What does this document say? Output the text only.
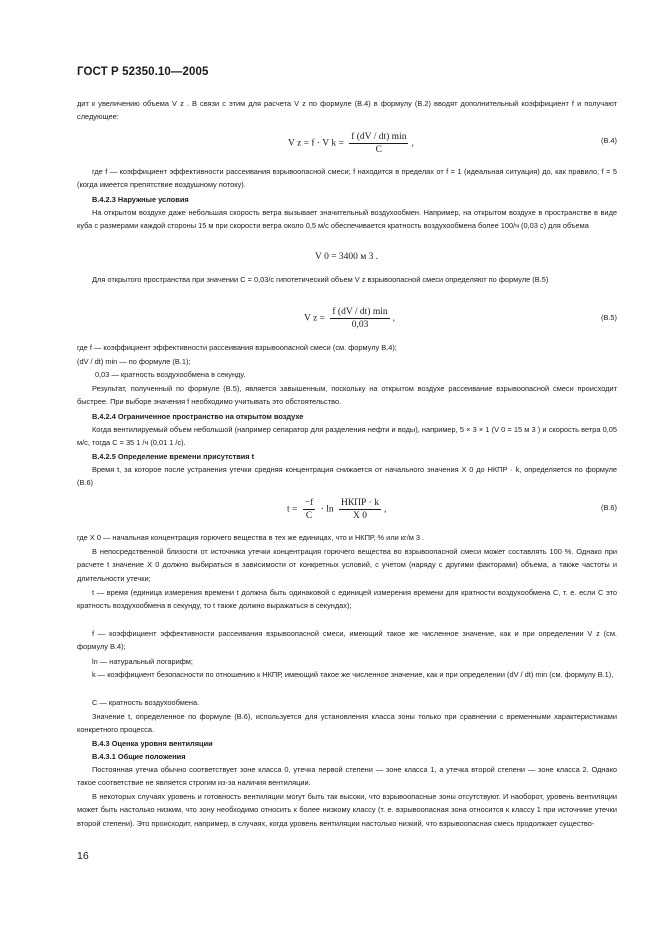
ГОСТ Р 52350.10—2005
дит к увеличению объема V z . В связи с этим для расчета V z по формуле (В.4) в формулу (В.2) вводят дополнительный коэффициент f и получают следующее:
V z = f · V $k = \frac{f (dV / dt) \min}{C}$ ,	(В.4)
где f — коэффициент эффективности рассеивания взрывоопасной смеси; f находится в пределах от f = 1 (идеальная ситуация) до, как правило, f = 5 (когда имеется препятствие воздушному потоку).
В.4.2.3 Наружные условия
На открытом воздухе даже небольшая скорость ветра вызывает значительный воздухообмен. Например, на открытом воздухе в пространстве в виде куба с размерами каждой стороны 15 м при скорости ветра около 0,5 м/с обеспечивается кратность воздухообмена более 100/ч (0,03 с) для объема
V 0 = 3400 м 3 .
Для открытого пространства при значении C = 0,03/с гипотетический объем V z взрывоопасной смеси определяют по формуле (В.5)
V $z = \frac{f (dV / dt) \min}{0,03}$ ,	(В.5)
где f — коэффициент эффективности рассеивания взрывоопасной смеси (см. формулу В.4);
(dV / dt) min — по формуле (В.1);
0,03 — кратность воздухообмена в секунду.
Результат, полученный по формуле (В.5), является завышенным, поскольку на открытом воздухе рассеивание взрывоопасной смеси происходит быстрее. При выборе значения f необходимо учитывать это обстоятельство.
В.4.2.4 Ограниченное пространство на открытом воздухе
Когда вентилируемый объем небольшой (например сепаратор для разделения нефти и воды), например, 5 × 3 × 1 (V 0 = 15 м 3 ) и скорость ветра 0,05 м/с, тогда C = 35 1 /ч (0,01 1 /с).
В.4.2.5 Определение времени присутствия t
Время t, за которое после устранения утечки средняя концентрация снижается от начального значения X 0 до НКПР · k, определяется по формуле (В.6)
$t = \frac{-f}{C} \cdot \ln \frac{\text{НКПР · k}}{X 0}$ ,	(В.6)
где X 0 — начальная концентрация горючего вещества в тех же единицах, что и НКПР, % или кг/м 3 .
В непосредственной близости от источника утечки концентрация горючего вещества во взрывоопасной смеси может составлять 100 %. Однако при расчете t значение X 0 должно выбираться в зависимости от конкретных условий, с учетом (наряду с другими факторами) объема, а также частоты и длительности утечки;
t — время (единица измерения времени t должна быть одинаковой с единицей измерения времени для кратности воздухообмена C, т. е. если C это кратность воздухообмена в секунду, то t также должно выражаться в секундах);
f — коэффициент эффективности рассеивания взрывоопасной смеси, имеющий такое же численное значение, как и при определении V z (см. формулу В.4);
ln — натуральный логарифм;
k — коэффициент безопасности по отношению к НКПР, имеющий такое же численное значение, как и при определении (dV / dt) min (см. формулу В.1),
C — кратность воздухообмена.
Значение t, определенное по формуле (В.6), используется для установления класса зоны только при сравнении с временными характеристиками конкретного процесса.
В.4.3 Оценка уровня вентиляции
В.4.3.1 Общие положения
Постоянная утечка обычно соответствует зоне класса 0, утечка первой степени — зоне класса 1, а утечка второй степени — зоне класса 2. Однако такое соответствие не является строгим из-за наличия вентиляции.
В некоторых случаях уровень и готовность вентиляции могут быть так высоки, что взрывоопасные зоны отсутствуют. И наоборот, уровень вентиляции может быть настолько низким, что зону необходимо относить к более низкому классу (т. е. взрывоопасная зона относится к классу 1 при источнике утечки второй степени). Это происходит, например, в случаях, когда уровень вентиляции настолько низкий, что взрывоопасная смесь продолжает существо-
16
